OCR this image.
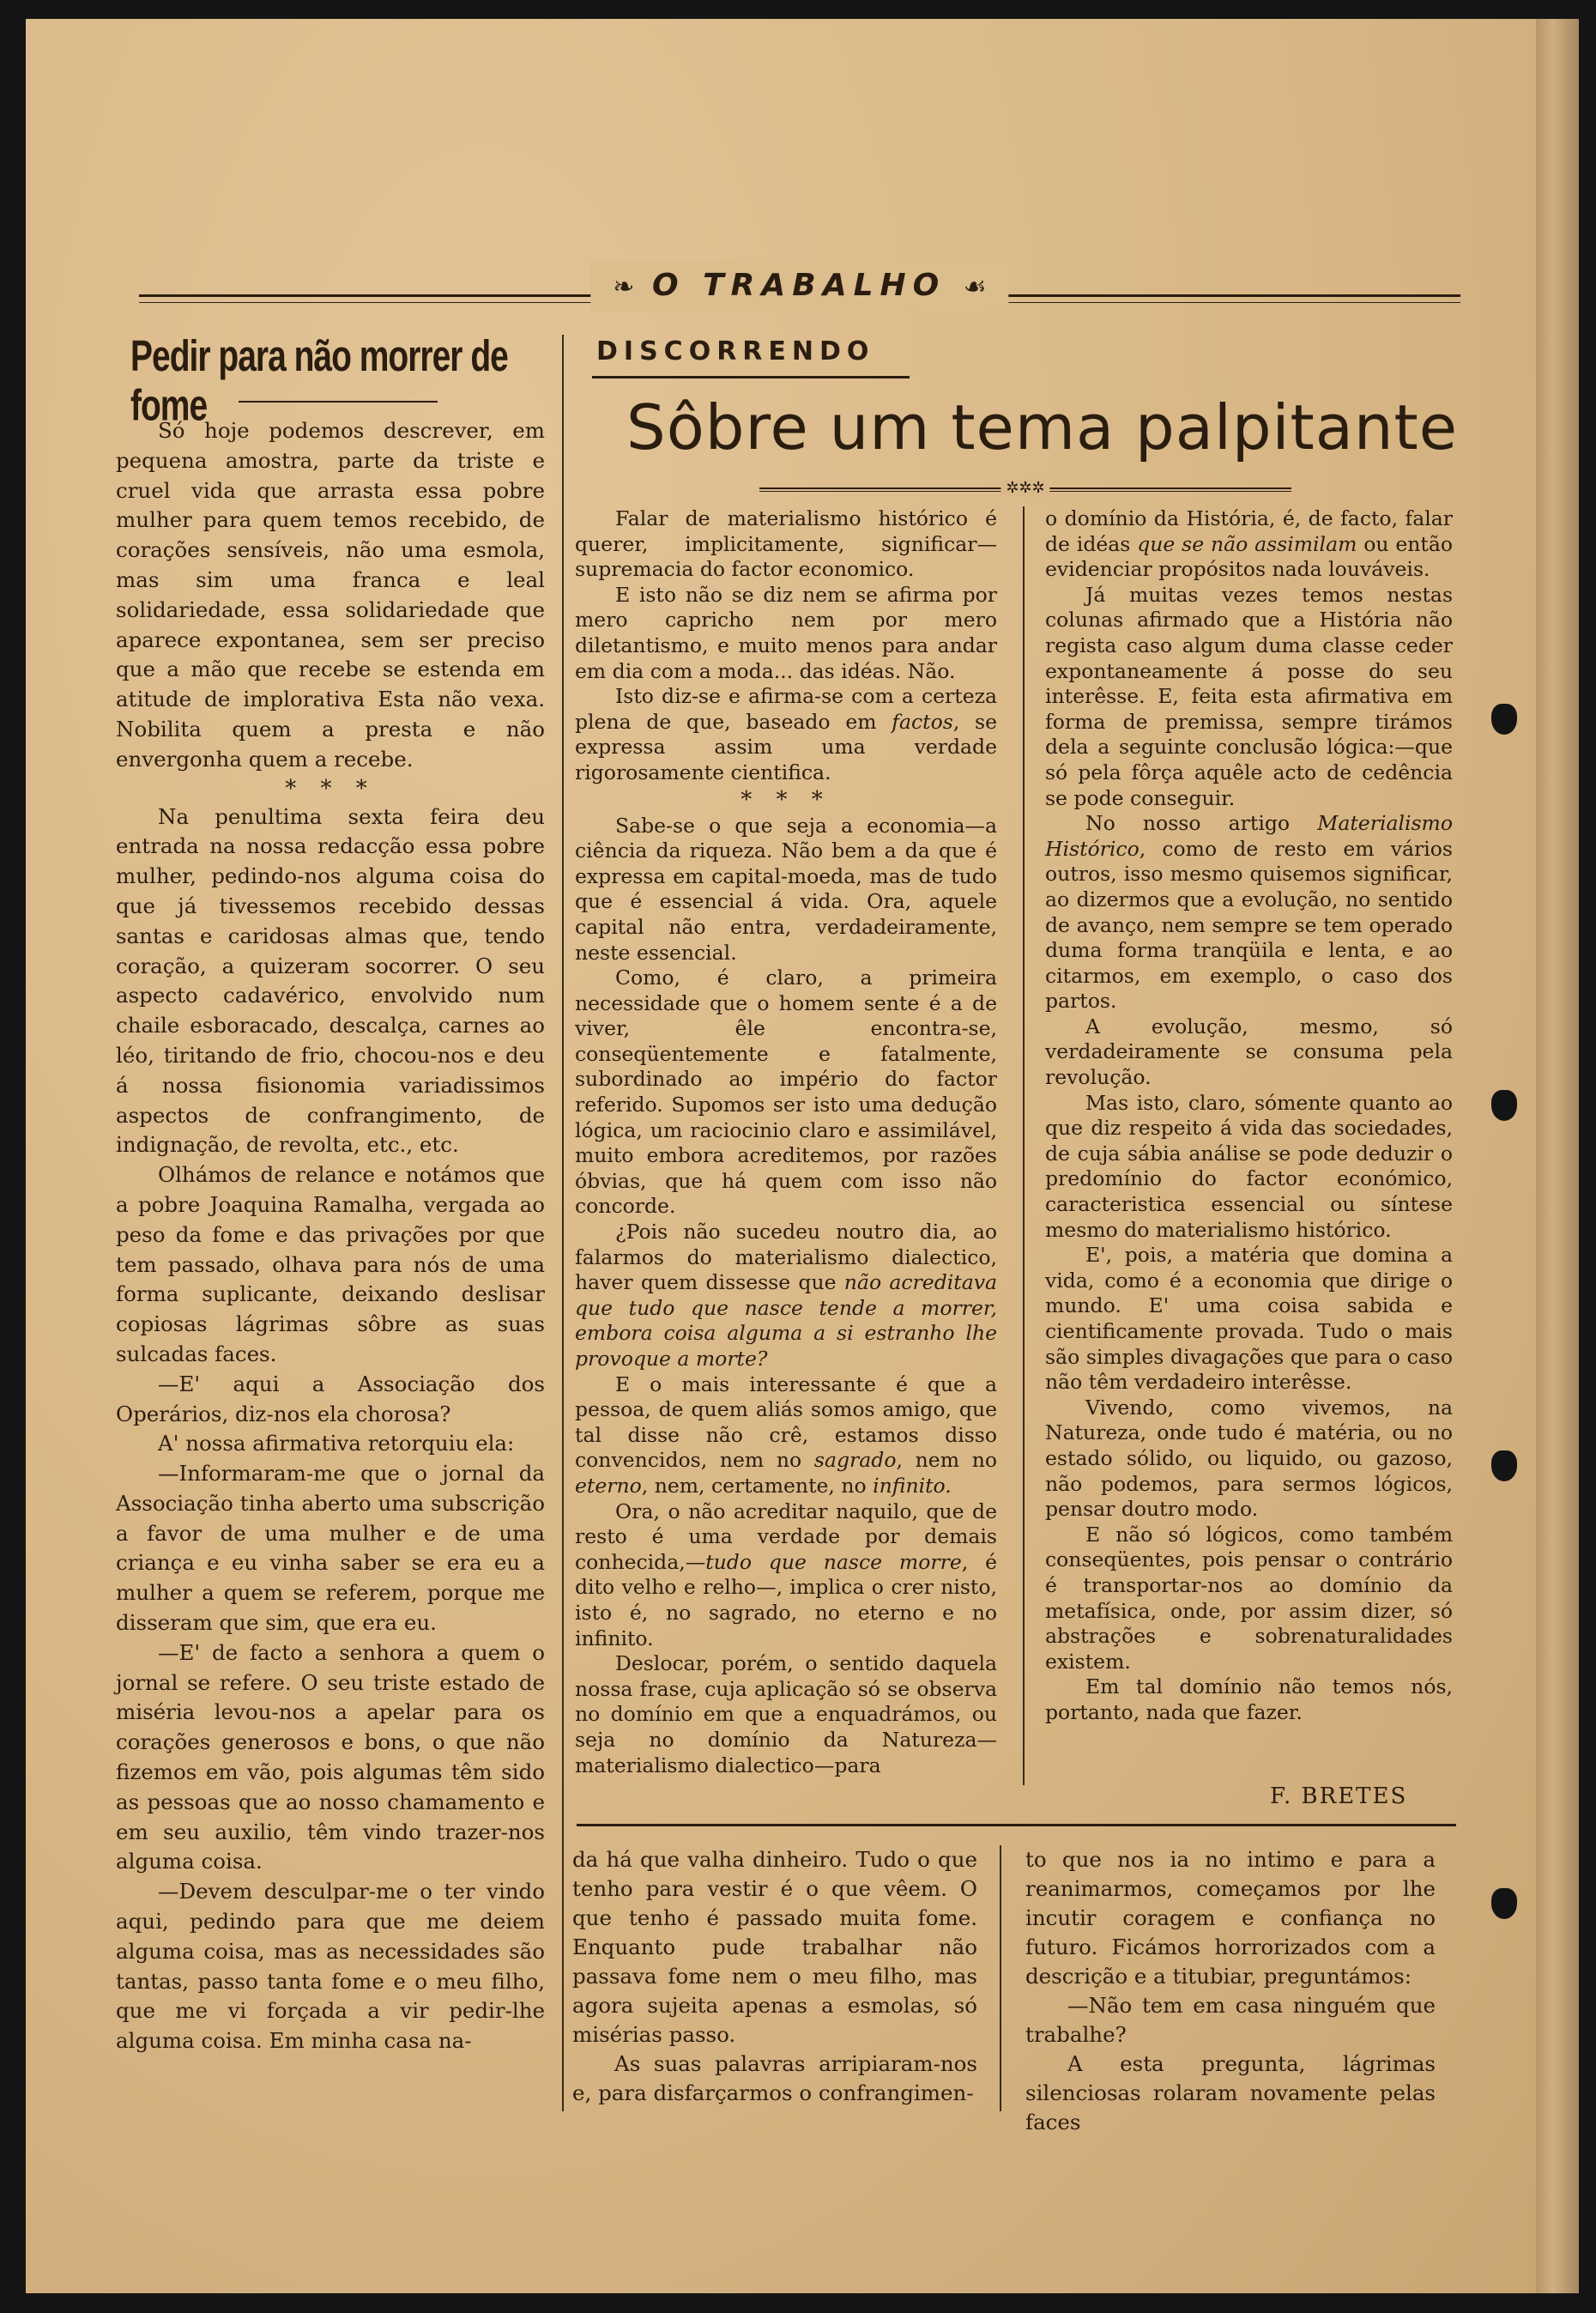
❧ O TRABALHO ☙
Pedir para não morrer de fome
DISCORRENDO
Sôbre um tema palpitante
✲✲✲

Só hoje podemos descrever, em pequena amostra, parte da triste e cruel vida que arrasta essa pobre mulher para quem temos recebido, de corações sensíveis, não uma esmola, mas sim uma franca e leal solidariedade, essa solidariedade que aparece expontanea, sem ser preciso que a mão que recebe se estenda em atitude de implorativa Esta não vexa. Nobilita quem a presta e não envergonha quem a recebe.

* * *

Na penultima sexta feira deu entrada na nossa redacção essa pobre mulher, pedindo-nos alguma coisa do que já tivessemos recebido dessas santas e caridosas almas que, tendo coração, a quizeram socorrer. O seu aspecto cadavérico, envolvido num chaile esboracado, descalça, carnes ao léo, tiritando de frio, chocou-nos e deu á nossa fisionomia variadissimos aspectos de confrangimento, de indignação, de revolta, etc., etc.

Olhámos de relance e notámos que a pobre Joaquina Ramalha, vergada ao peso da fome e das privações por que tem passado, olhava para nós de uma forma suplicante, deixando deslisar copiosas lágrimas sôbre as suas sulcadas faces.

—E' aqui a Associação dos Operários, diz-nos ela chorosa?

A' nossa afirmativa retorquiu ela:

—Informaram-me que o jornal da Associação tinha aberto uma subscrição a favor de uma mulher e de uma criança e eu vinha saber se era eu a mulher a quem se referem, porque me disseram que sim, que era eu.

—E' de facto a senhora a quem o jornal se refere. O seu triste estado de miséria levou-nos a apelar para os corações generosos e bons, o que não fizemos em vão, pois algumas têm sido as pessoas que ao nosso chamamento e em seu auxilio, têm vindo trazer-nos alguma coisa.

—Devem desculpar-me o ter vindo aqui, pedindo para que me deiem alguma coisa, mas as necessidades são tantas, passo tanta fome e o meu filho, que me vi forçada a vir pedir-lhe alguma coisa. Em minha casa na-

Falar de materialismo histórico é querer, implicitamente, significar—supremacia do factor economico.

E isto não se diz nem se afirma por mero capricho nem por mero diletantismo, e muito menos para andar em dia com a moda... das idéas. Não.

Isto diz-se e afirma-se com a certeza plena de que, baseado em factos, se expressa assim uma verdade rigorosamente cientifica.

* * *

Sabe-se o que seja a economia—a ciência da riqueza. Não bem a da que é expressa em capital-moeda, mas de tudo que é essencial á vida. Ora, aquele capital não entra, verdadeiramente, neste essencial.

Como, é claro, a primeira necessidade que o homem sente é a de viver, êle encontra-se, conseqüentemente e fatalmente, subordinado ao império do factor referido. Supomos ser isto uma dedução lógica, um raciocinio claro e assimilável, muito embora acreditemos, por razões óbvias, que há quem com isso não concorde.

¿Pois não sucedeu noutro dia, ao falarmos do materialismo dialectico, haver quem dissesse que não acreditava que tudo que nasce tende a morrer, embora coisa alguma a si estranho lhe provoque a morte?

E o mais interessante é que a pessoa, de quem aliás somos amigo, que tal disse não crê, estamos disso convencidos, nem no sagrado, nem no eterno, nem, certamente, no infinito.

Ora, o não acreditar naquilo, que de resto é uma verdade por demais conhecida,—tudo que nasce morre, é dito velho e relho—, implica o crer nisto, isto é, no sagrado, no eterno e no infinito.

Deslocar, porém, o sentido daquela nossa frase, cuja aplicação só se observa no domínio em que a enquadrámos, ou seja no domínio da Natureza—materialismo dialectico—para

o domínio da História, é, de facto, falar de idéas que se não assimilam ou então evidenciar propósitos nada louváveis.

Já muitas vezes temos nestas colunas afirmado que a História não regista caso algum duma classe ceder expontaneamente á posse do seu interêsse. E, feita esta afirmativa em forma de premissa, sempre tirámos dela a seguinte conclusão lógica:—que só pela fôrça aquêle acto de cedência se pode conseguir.

No nosso artigo Materialismo Histórico, como de resto em vários outros, isso mesmo quisemos significar, ao dizermos que a evolução, no sentido de avanço, nem sempre se tem operado duma forma tranqüila e lenta, e ao citarmos, em exemplo, o caso dos partos.

A evolução, mesmo, só verdadeiramente se consuma pela revolução.

Mas isto, claro, sómente quanto ao que diz respeito á vida das sociedades, de cuja sábia análise se pode deduzir o predomínio do factor económico, caracteristica essencial ou síntese mesmo do materialismo histórico.

E', pois, a matéria que domina a vida, como é a economia que dirige o mundo. E' uma coisa sabida e cientificamente provada. Tudo o mais são simples divagações que para o caso não têm verdadeiro interêsse.

Vivendo, como vivemos, na Natureza, onde tudo é matéria, ou no estado sólido, ou liquido, ou gazoso, não podemos, para sermos lógicos, pensar doutro modo.

E não só lógicos, como também conseqüentes, pois pensar o contrário é transportar-nos ao domínio da metafísica, onde, por assim dizer, só abstrações e sobrenaturalidades existem.

Em tal domínio não temos nós, portanto, nada que fazer.

F. BRETES

da há que valha dinheiro. Tudo o que tenho para vestir é o que vêem. O que tenho é passado muita fome. Enquanto pude trabalhar não passava fome nem o meu filho, mas agora sujeita apenas a esmolas, só misérias passo.

As suas palavras arripiaram-nos e, para disfarçarmos o confrangimen-

to que nos ia no intimo e para a reanimarmos, começamos por lhe incutir coragem e confiança no futuro. Ficámos horrorizados com a descrição e a titubiar, preguntámos:

—Não tem em casa ninguém que trabalhe?

A esta pregunta, lágrimas silenciosas rolaram novamente pelas faces
